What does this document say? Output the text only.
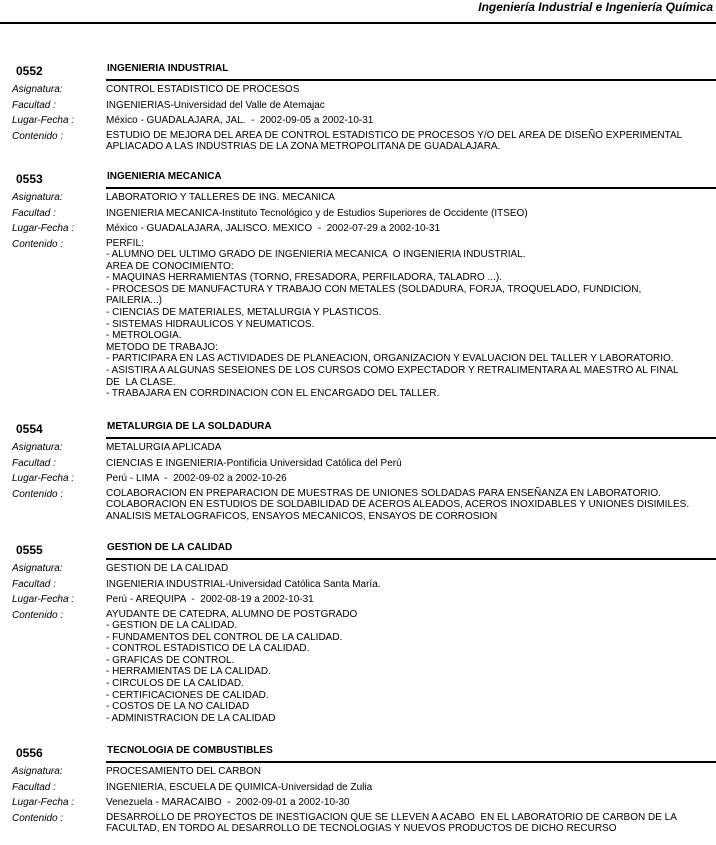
Ingeniería Industrial e Ingeniería Química
0552	INGENIERIA INDUSTRIAL
Asignatura:	CONTROL ESTADISTICO DE PROCESOS
Facultad :	INGENIERIAS-Universidad del Valle de Atemajac
Lugar-Fecha :	México - GUADALAJARA, JAL.  -  2002-09-05 a 2002-10-31
Contenido :	ESTUDIO DE MEJORA DEL AREA DE CONTROL ESTADISTICO DE PROCESOS Y/O DEL AREA DE DISEÑO EXPERIMENTAL
APLIACADO A LAS INDUSTRIAS DE LA ZONA METROPOLITANA DE GUADALAJARA.
0553	INGENIERIA MECANICA
Asignatura:	LABORATORIO Y TALLERES DE ING. MECANICA
Facultad :	INGENIERIA MECANICA-Instituto Tecnológico y de Estudios Superiores de Occidente (ITSEO)
Lugar-Fecha :	México - GUADALAJARA, JALISCO. MEXICO  -  2002-07-29 a 2002-10-31
Contenido :	PERFIL:
- ALUMNO DEL ULTIMO GRADO DE INGENIERIA MECANICA  O INGENIERIA INDUSTRIAL.
AREA DE CONOCIMIENTO:
- MAQUINAS HERRAMIENTAS (TORNO, FRESADORA, PERFILADORA, TALADRO ...).
- PROCESOS DE MANUFACTURA Y TRABAJO CON METALES (SOLDADURA, FORJA, TROQUELADO, FUNDICION,
PAILERIA...)
- CIENCIAS DE MATERIALES, METALURGIA Y PLASTICOS.
- SISTEMAS HIDRAULICOS Y NEUMATICOS.
- METROLOGIA.
METODO DE TRABAJO:
- PARTICIPARA EN LAS ACTIVIDADES DE PLANEACION, ORGANIZACION Y EVALUACION DEL TALLER Y LABORATORIO.
- ASISTIRA A ALGUNAS SESEIONES DE LOS CURSOS COMO EXPECTADOR Y RETRALIMENTARA AL MAESTRO AL FINAL
DE  LA CLASE.
- TRABAJARA EN CORRDINACION CON EL ENCARGADO DEL TALLER.
0554	METALURGIA DE LA SOLDADURA
Asignatura:	METALURGIA APLICADA
Facultad :	CIENCIAS E INGENIERIA-Pontificia Universidad Católica del Perú
Lugar-Fecha :	Perú - LIMA  -  2002-09-02 a 2002-10-26
Contenido :	COLABORACION EN PREPARACION DE MUESTRAS DE UNIONES SOLDADAS PARA ENSEÑANZA EN LABORATORIO.
COLABORACION EN ESTUDIOS DE SOLDABILIDAD DE ACEROS ALEADOS, ACEROS INOXIDABLES Y UNIONES DISIMILES.
ANALISIS METALOGRAFICOS, ENSAYOS MECANICOS, ENSAYOS DE CORROSION
0555	GESTION DE LA CALIDAD
Asignatura:	GESTION DE LA CALIDAD
Facultad :	INGENIERIA INDUSTRIAL-Universidad Católica Santa María.
Lugar-Fecha :	Perú - AREQUIPA  -  2002-08-19 a 2002-10-31
Contenido :	AYUDANTE DE CATEDRA, ALUMNO DE POSTGRADO
- GESTION DE LA CALIDAD.
- FUNDAMENTOS DEL CONTROL DE LA CALIDAD.
- CONTROL ESTADISTICO DE LA CALIDAD.
- GRAFICAS DE CONTROL.
- HERRAMIENTAS DE LA CALIDAD.
- CIRCULOS DE LA CALIDAD.
- CERTIFICACIONES DE CALIDAD.
- COSTOS DE LA NO CALIDAD
- ADMINISTRACION DE LA CALIDAD
0556	TECNOLOGIA DE COMBUSTIBLES
Asignatura:	PROCESAMIENTO DEL CARBON
Facultad :	INGENIERIA, ESCUELA DE QUIMICA-Universidad de Zulia
Lugar-Fecha :	Venezuela - MARACAIBO  -  2002-09-01 a 2002-10-30
Contenido :	DESARROLLO DE PROYECTOS DE INESTIGACION QUE SE LLEVEN A ACABO  EN EL LABORATORIO DE CARBON DE LA
FACULTAD, EN TORDO AL DESARROLLO DE TECNOLOGIAS Y NUEVOS PRODUCTOS DE DICHO RECURSO
